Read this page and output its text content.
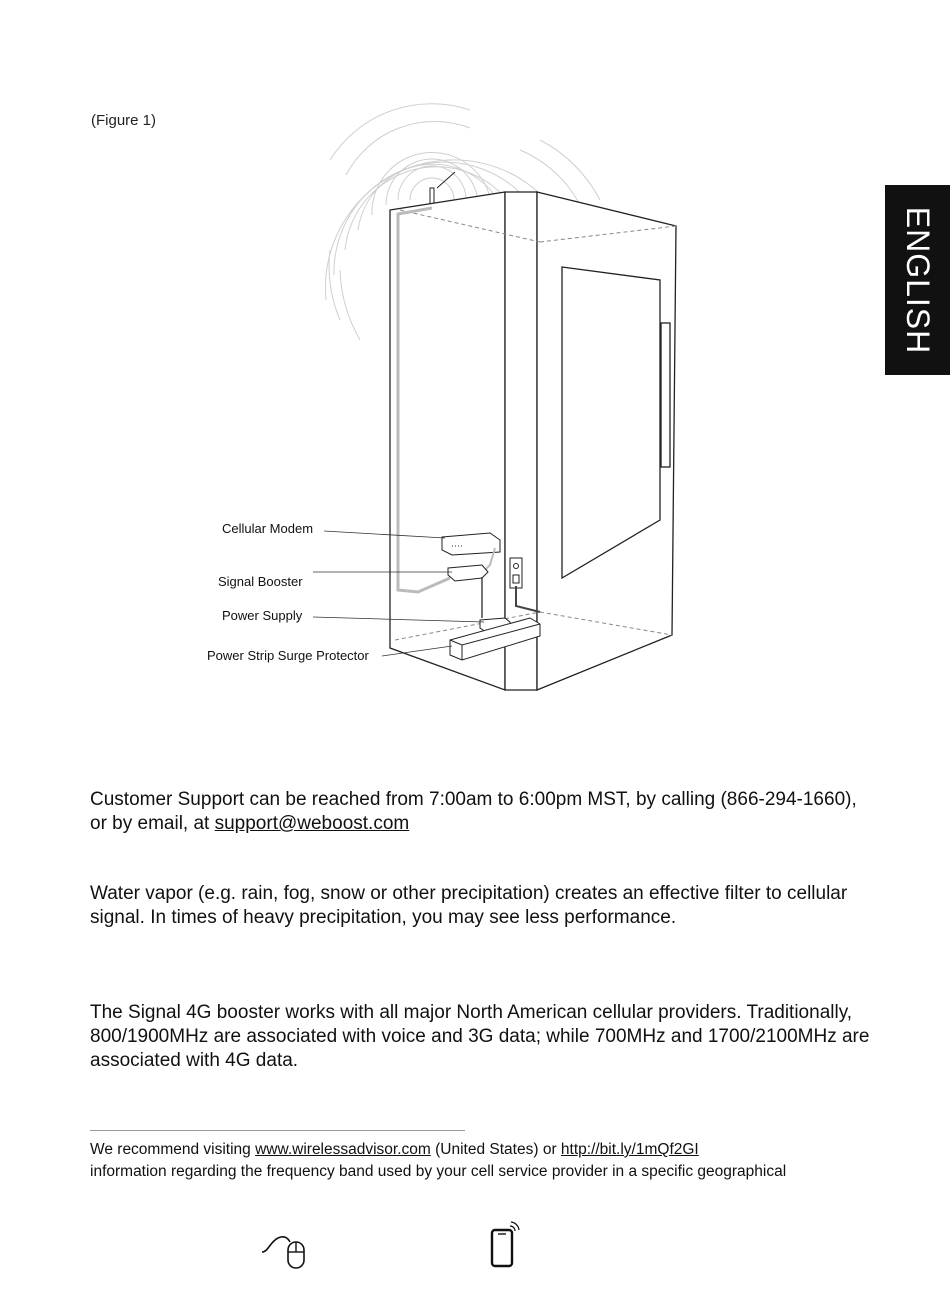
(Figure 1)
ENGLISH
Cellular Modem
Signal Booster
Power Supply
Power Strip Surge Protector
Customer Support can be reached from 7:00am to 6:00pm MST, by calling (866-294-1660),
or by email, at support@weboost.com
Water vapor (e.g. rain, fog, snow or other precipitation) creates an effective filter to cellular
signal. In times of heavy precipitation, you may see less performance.
The Signal 4G booster works with all major North American cellular providers. Traditionally,
800/1900MHz are associated with voice and 3G data; while 700MHz and 1700/2100MHz are
associated with 4G data.
We recommend visiting www.wirelessadvisor.com (United States) or http://bit.ly/1mQf2GI
information regarding the frequency band used by your cell service provider in a specific geographical
